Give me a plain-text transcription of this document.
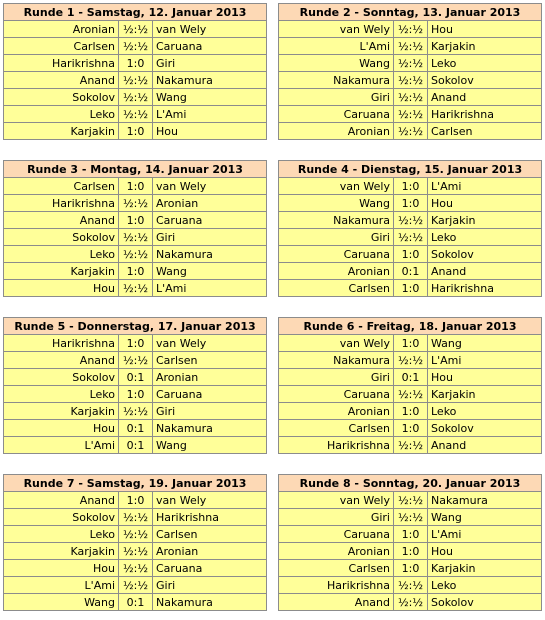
Runde 1 - Samstag, 12. Januar 2013		
Aronian	½:½	van Wely
Carlsen	½:½	Caruana
Harikrishna	1:0	Giri
Anand	½:½	Nakamura
Sokolov	½:½	Wang
Leko	½:½	L'Ami
Karjakin	1:0	Hou
Runde 2 - Sonntag, 13. Januar 2013		
van Wely	½:½	Hou
L'Ami	½:½	Karjakin
Wang	½:½	Leko
Nakamura	½:½	Sokolov
Giri	½:½	Anand
Caruana	½:½	Harikrishna
Aronian	½:½	Carlsen
Runde 3 - Montag, 14. Januar 2013		
Carlsen	1:0	van Wely
Harikrishna	½:½	Aronian
Anand	1:0	Caruana
Sokolov	½:½	Giri
Leko	½:½	Nakamura
Karjakin	1:0	Wang
Hou	½:½	L'Ami
Runde 4 - Dienstag, 15. Januar 2013		
van Wely	1:0	L'Ami
Wang	1:0	Hou
Nakamura	½:½	Karjakin
Giri	½:½	Leko
Caruana	1:0	Sokolov
Aronian	0:1	Anand
Carlsen	1:0	Harikrishna
Runde 5 - Donnerstag, 17. Januar 2013		
Harikrishna	1:0	van Wely
Anand	½:½	Carlsen
Sokolov	0:1	Aronian
Leko	1:0	Caruana
Karjakin	½:½	Giri
Hou	0:1	Nakamura
L'Ami	0:1	Wang
Runde 6 - Freitag, 18. Januar 2013		
van Wely	1:0	Wang
Nakamura	½:½	L'Ami
Giri	0:1	Hou
Caruana	½:½	Karjakin
Aronian	1:0	Leko
Carlsen	1:0	Sokolov
Harikrishna	½:½	Anand
Runde 7 - Samstag, 19. Januar 2013		
Anand	1:0	van Wely
Sokolov	½:½	Harikrishna
Leko	½:½	Carlsen
Karjakin	½:½	Aronian
Hou	½:½	Caruana
L'Ami	½:½	Giri
Wang	0:1	Nakamura
Runde 8 - Sonntag, 20. Januar 2013		
van Wely	½:½	Nakamura
Giri	½:½	Wang
Caruana	1:0	L'Ami
Aronian	1:0	Hou
Carlsen	1:0	Karjakin
Harikrishna	½:½	Leko
Anand	½:½	Sokolov
